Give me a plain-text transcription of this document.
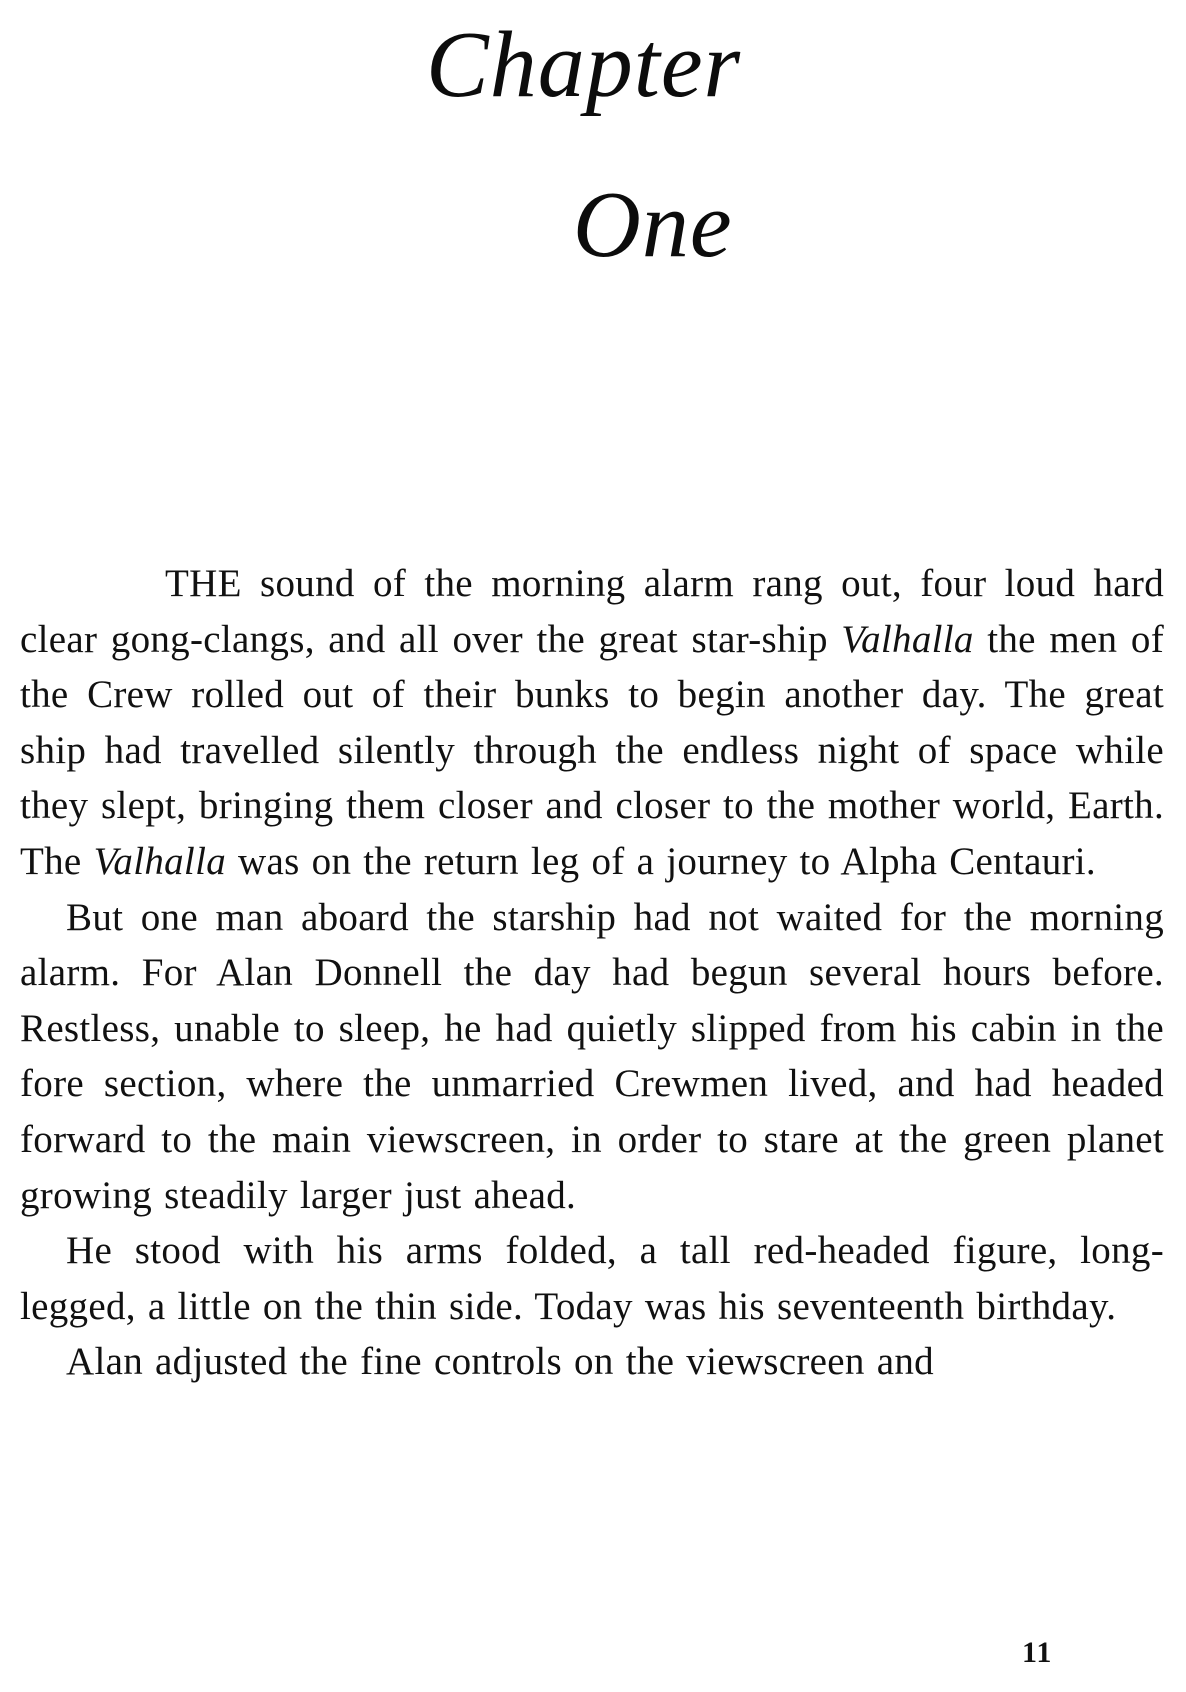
Chapter
One

THE sound of the morning alarm rang out, four loud hard clear gong-clangs, and all over the great star-ship Valhalla the men of the Crew rolled out of their bunks to begin another day. The great ship had travelled silently through the endless night of space while they slept, bringing them closer and closer to the mother world, Earth. The Valhalla was on the return leg of a journey to Alpha Centauri.

But one man aboard the starship had not waited for the morning alarm. For Alan Donnell the day had begun several hours before. Restless, unable to sleep, he had quietly slipped from his cabin in the fore section, where the unmarried Crewmen lived, and had headed forward to the main viewscreen, in order to stare at the green planet growing steadily larger just ahead.

He stood with his arms folded, a tall red-headed figure, long-legged, a little on the thin side. Today was his seventeenth birthday.

Alan adjusted the fine controls on the viewscreen and

11
